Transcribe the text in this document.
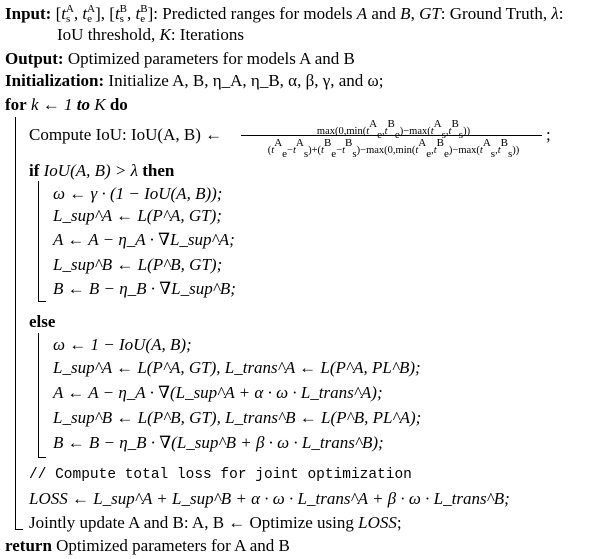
Input: [t A
s , t A
e ], [t B
s , t B
e ]: Predicted ranges for models A and B, GT: Ground Truth, λ:
IoU threshold, K: Iterations
Output: Optimized parameters for models A and B
Initialization: Initialize A, B, η_A, η_B, α, β, γ, and ω;
for k ← 1 to K do
Compute IoU: IoU(A, B) ←	max(0,min(tAe,tBe)−max(tAs,tBs))
(tAe−tAs)+(tBe−tBs)−max(0,min(tAe,tBe)−max(tAs,tBs))
;
if IoU(A, B) > λ then
ω ← γ · (1 − IoU(A, B));
L_sup^A ← L(P^A, GT);
A ← A − η_A · ∇L_sup^A;
L_sup^B ← L(P^B, GT);
B ← B − η_B · ∇L_sup^B;
else
ω ← 1 − IoU(A, B);
L_sup^A ← L(P^A, GT), L_trans^A ← L(P^A, PL^B);
A ← A − η_A · ∇(L_sup^A + α · ω · L_trans^A);
L_sup^B ← L(P^B, GT), L_trans^B ← L(P^B, PL^A);
B ← B − η_B · ∇(L_sup^B + β · ω · L_trans^B);
// Compute total loss for joint optimization
LOSS ← L_sup^A + L_sup^B + α · ω · L_trans^A + β · ω · L_trans^B;
Jointly update A and B: A, B ← Optimize using LOSS;
return Optimized parameters for A and B
